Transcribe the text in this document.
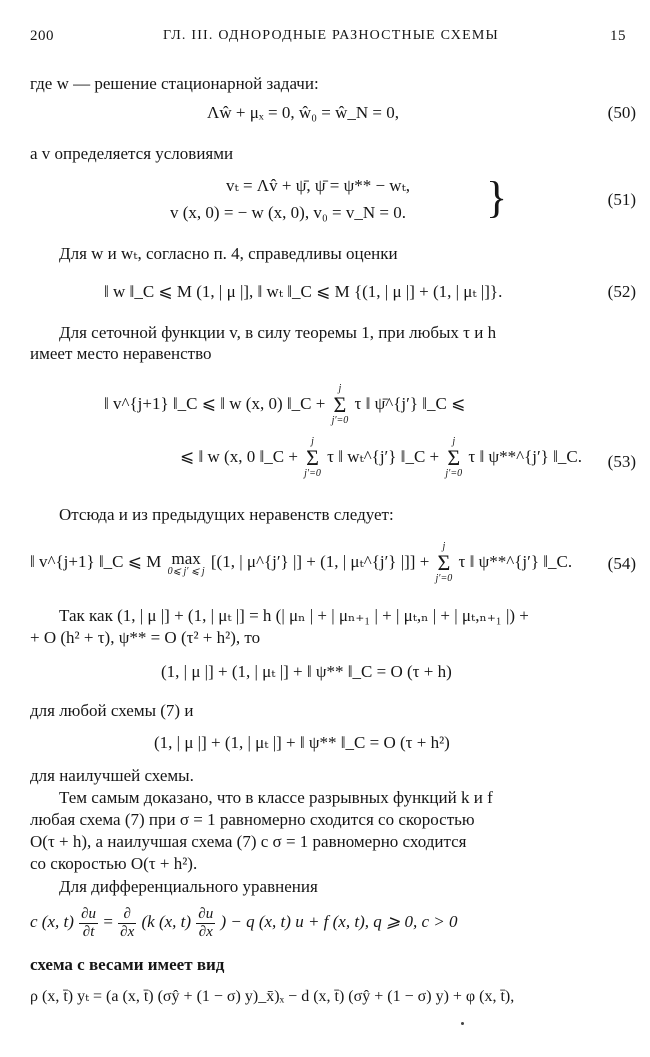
200	ГЛ. III. ОДНОРОДНЫЕ РАЗНОСТНЫЕ СХЕМЫ	15
где w — решение стационарной задачи:
Λŵ + μₓ = 0, ŵ₀ = ŵ_N = 0,	(50)
а v определяется условиями
vₜ = Λv̂ + ψ̄, ψ̄ = ψ** − wₜ,
v (x, 0) = − w (x, 0), v₀ = v_N = 0. }	(51)
Для w и wₜ, согласно п. 4, справедливы оценки
‖ w ‖_C ⩽ M (1, | μ |], ‖ wₜ ‖_C ⩽ M {(1, | μ |] + (1, | μₜ |]}.	(52)
Для сеточной функции v, в силу теоремы 1, при любых τ и h
имеет место неравенство
‖ v^{j+1} ‖_C ⩽ ‖ w (x, 0) ‖_C +
j
Σ
j′=0
τ ‖ ψ̄^{j′} ‖_C ⩽
⩽ ‖ w (x, 0 ‖_C +
j
Σ
j′=0
τ ‖ wₜ^{j′} ‖_C +
j
Σ
j′=0
τ ‖ ψ**^{j′} ‖_C. (53)
Отсюда и из предыдущих неравенств следует:
‖ v^{j+1} ‖_C ⩽ M max
0⩽ j′ ⩽ j
[(1, | μ^{j′} |] + (1, | μₜ^{j′} |]] +
j
Σ
j′=0
τ ‖ ψ**^{j′} ‖_C. (54)
Так как (1, | μ |] + (1, | μₜ |] = h (| μₙ | + | μₙ₊₁ | + | μₜ,ₙ | + | μₜ,ₙ₊₁ |) +
+ O (h² + τ), ψ** = O (τ² + h²), то
(1, | μ |] + (1, | μₜ |] + ‖ ψ** ‖_C = O (τ + h)
для любой схемы (7) и
(1, | μ |] + (1, | μₜ |] + ‖ ψ** ‖_C = O (τ + h²)
для наилучшей схемы.
Тем самым доказано, что в классе разрывных функций k и f
любая схема (7) при σ = 1 равномерно сходится со скоростью
O(τ + h), а наилучшая схема (7) с σ = 1 равномерно сходится
со скоростью O(τ + h²).
Для дифференциального уравнения
c (x, $t) \frac{\partial u}{\partial t} = \frac{\partial}{\partial x} (k$ (x, $t) \frac{\partial u}{\partial x}$ ) − q (x, t) u + f (x, t), q ⩾ 0, c > 0
схема с весами имеет вид
ρ (x, t̄) yₜ = (a (x, t̄) (σŷ + (1 − σ) y)_x̄)ₓ − d (x, t̄) (σŷ + (1 − σ) y) + φ (x, t̄),
